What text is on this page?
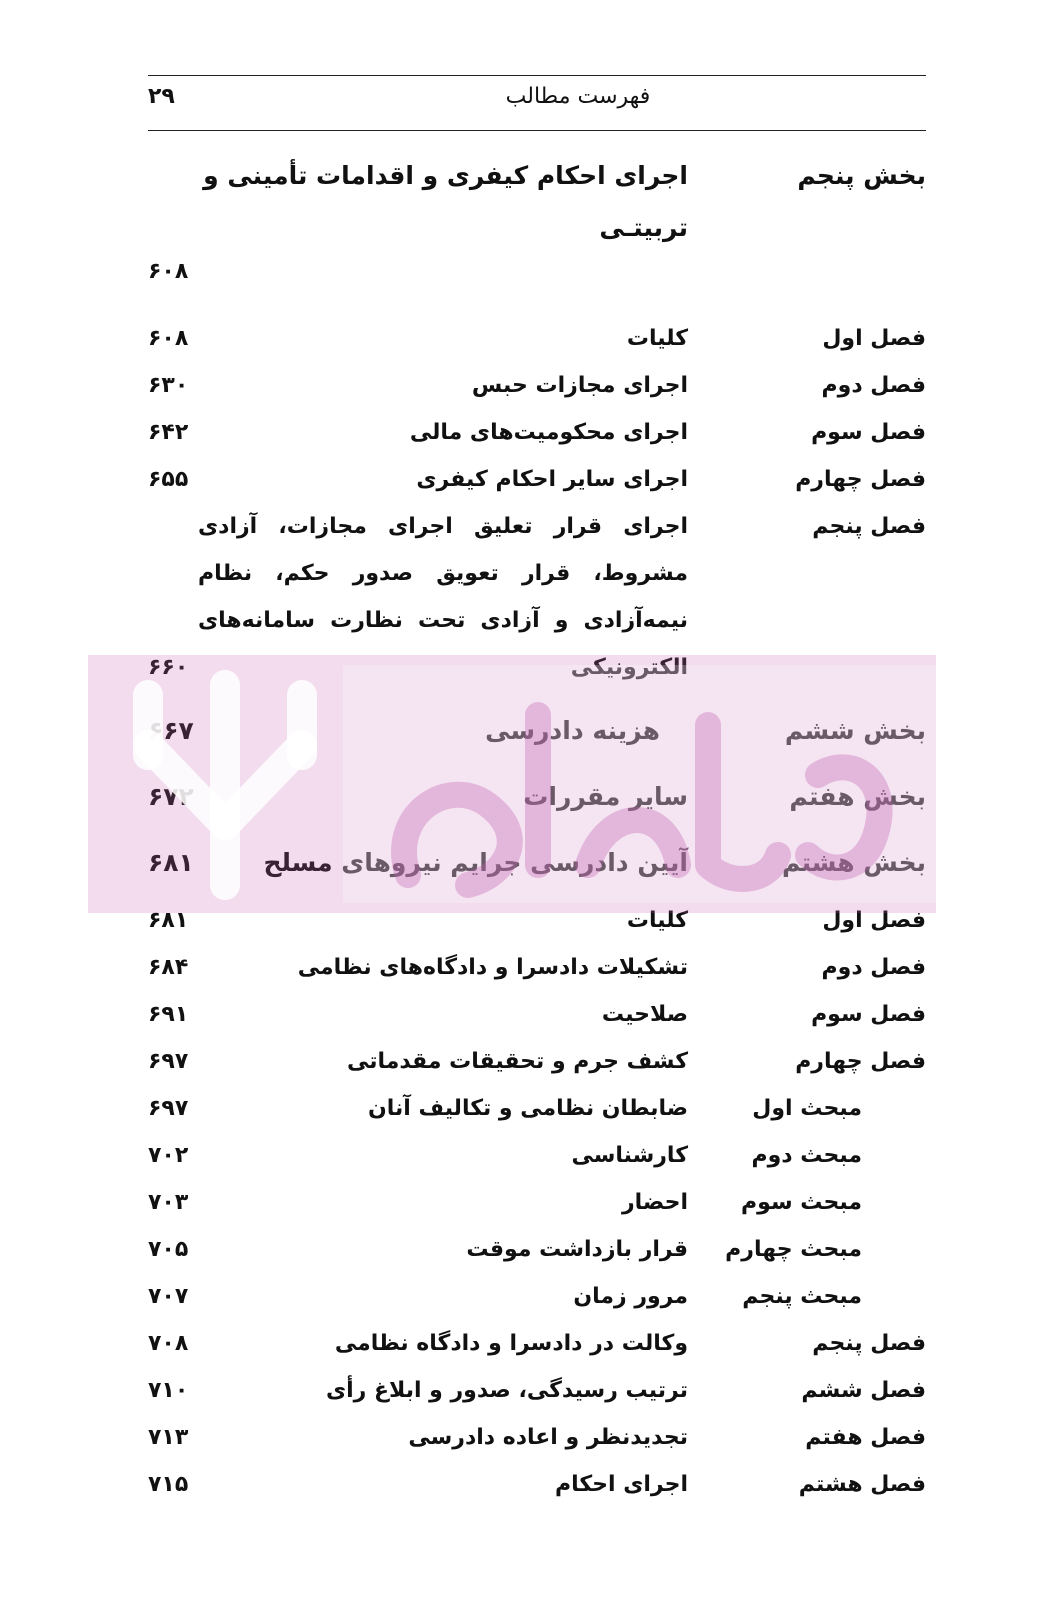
فهرست مطالب
۲۹
بخش پنجم
اجرای احکام کیفری و اقدامات تأمینی و تربیتـی
۶۰۸
فصل اول
کلیات
۶۰۸
فصل دوم
اجرای مجازات حبس
۶۳۰
فصل سوم
اجرای محکومیت‌های مالی
۶۴۲
فصل چهارم
اجرای سایر احکام کیفری
۶۵۵
فصل پنجم
اجرای قرار تعلیق اجرای مجازات، آزادی مشروط، قرار تعویق صدور حکم، نظام نیمه‌آزادی و آزادی تحت نظارت سامانه‌های الکترونیکی
۶۶۰
بخش ششم
هزینه دادرسی
۶۶۷
بخش هفتم
سایر مقررات
۶۷۲
بخش هشتم
آیین دادرسی جرایم نیروهای مسلح
۶۸۱
فصل اول
کلیات
۶۸۱
فصل دوم
تشکیلات دادسرا و دادگاه‌های نظامی
۶۸۴
فصل سوم
صلاحیت
۶۹۱
فصل چهارم
کشف جرم و تحقیقات مقدماتی
۶۹۷
مبحث اول
ضابطان نظامی و تکالیف آنان
۶۹۷
مبحث دوم
کارشناسی
۷۰۲
مبحث سوم
احضار
۷۰۳
مبحث چهارم
قرار بازداشت موقت
۷۰۵
مبحث پنجم
مرور زمان
۷۰۷
فصل پنجم
وکالت در دادسرا و دادگاه نظامی
۷۰۸
فصل ششم
ترتیب رسیدگی، صدور و ابلاغ رأی
۷۱۰
فصل هفتم
تجدیدنظر و اعاده دادرسی
۷۱۳
فصل هشتم
اجرای احکام
۷۱۵
